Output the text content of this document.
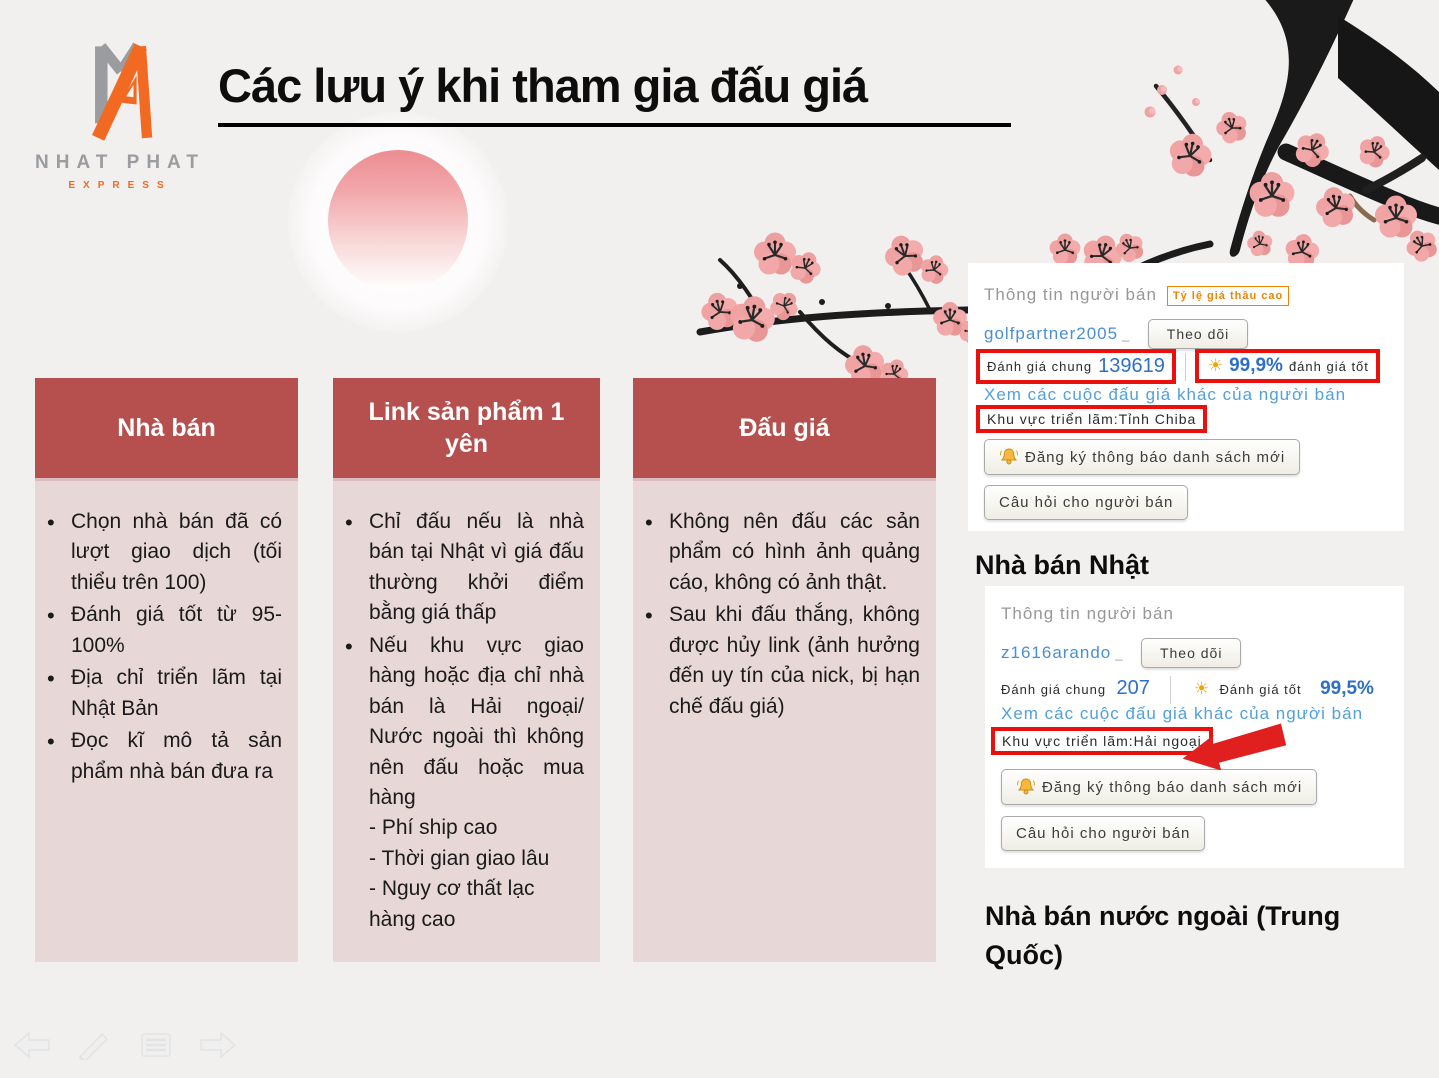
NHAT PHAT
EXPRESS
Các lưu ý khi tham gia đấu giá
Nhà bán
•
Chọn nhà bán đã có lượt giao dịch (tối thiểu trên 100)
•
Đánh giá tốt từ 95-100%
•
Địa chỉ triển lãm tại Nhật Bản
•
Đọc kĩ mô tả sản phẩm nhà bán đưa ra
Link sản phẩm 1 yên
•
Chỉ đấu nếu là nhà bán tại Nhật vì giá đấu thường khởi điểm bằng giá thấp
•
Nếu khu vực giao hàng hoặc địa chỉ nhà bán là Hải ngoại/ Nước ngoài thì không nên đấu hoặc mua hàng
- Phí ship cao
- Thời gian giao lâu
- Nguy cơ thất lạc hàng cao
Đấu giá
•
Không nên đấu các sản phẩm có hình ảnh quảng cáo, không có ảnh thật.
•
Sau khi đấu thắng, không được hủy link (ảnh hưởng đến uy tín của nick, bị hạn chế đấu giá)
Thông tin người bán Tỷ lệ giá thầu cao
golfpartner2005 _	Theo dõi
Đánh giá chung 139619	☀ 99,9% đánh giá tốt
Xem các cuộc đấu giá khác của người bán
Khu vực triển lãm:Tỉnh Chiba
Đăng ký thông báo danh sách mới
Câu hỏi cho người bán

Nhà bán Nhật

Thông tin người bán
z1616arando _	Theo dõi
Đánh giá chung 207	☀ Đánh giá tốt 99,5%
Xem các cuộc đấu giá khác của người bán
Khu vực triển lãm:Hải ngoại
Đăng ký thông báo danh sách mới
Câu hỏi cho người bán

Nhà bán nước ngoài (Trung Quốc)
